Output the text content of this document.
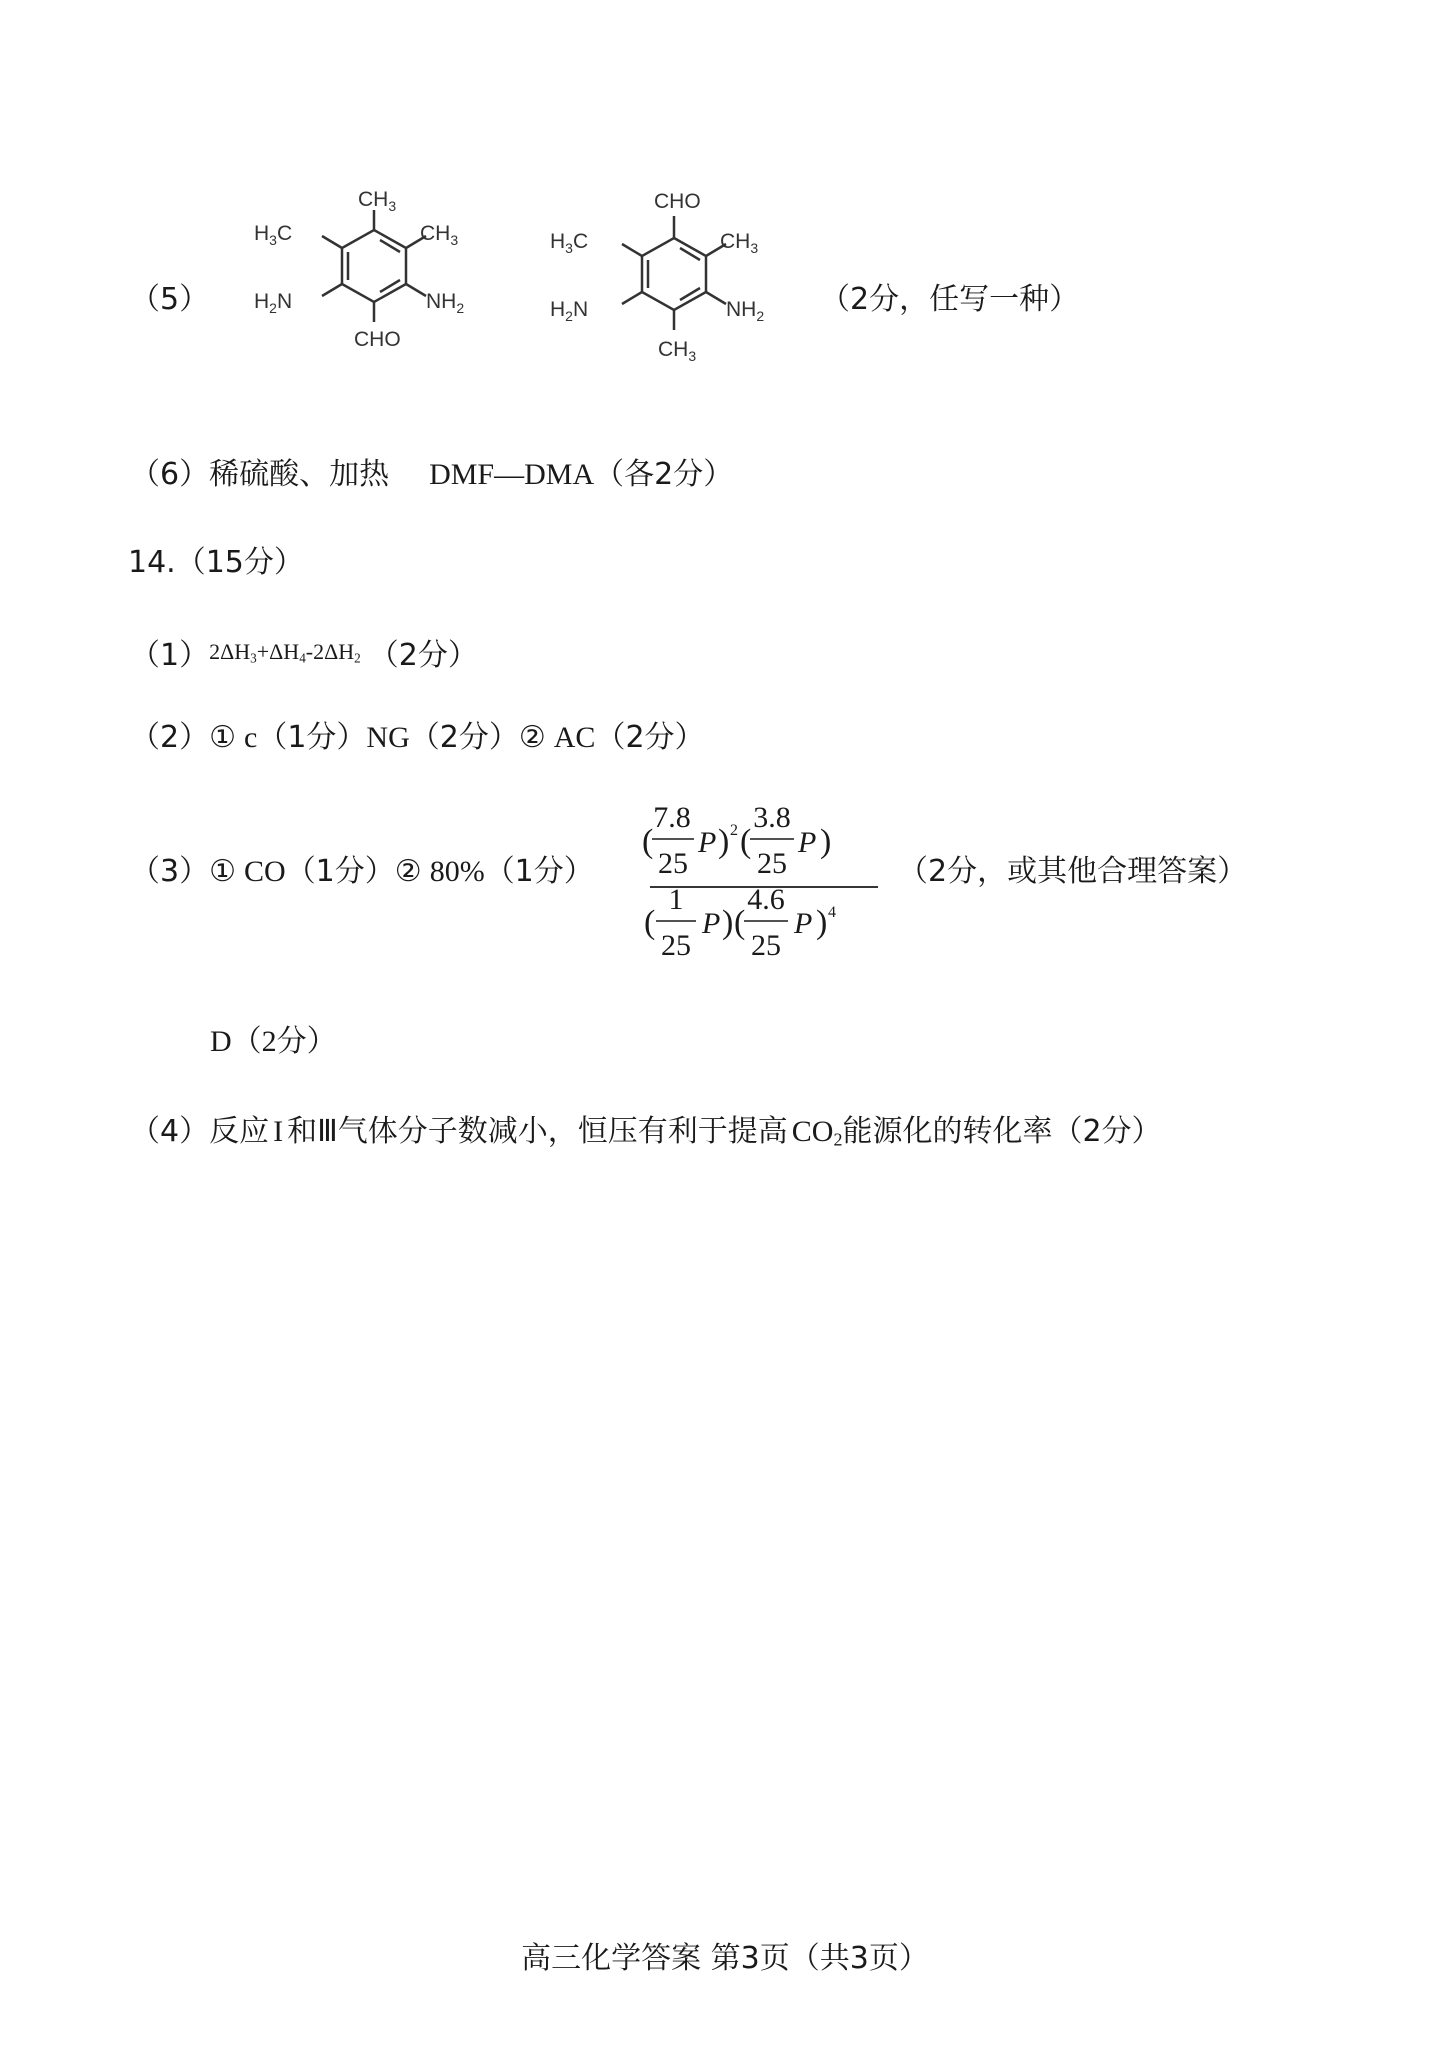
（5）
$CH_3$
$H_3C$	$CH_3$
$H_2N$	$NH_2$
CHO
CHO
$H_3C$	$CH_3$
$H_2N$	$NH_2$
$CH_3$
（2分，任写一种）
（6）稀硫酸、加热 DMF—DMA（各2分）
14.（15分）
$(1)^{2\Delta H_3+\Delta H_4-2\Delta H_2}$ （2分）
（2）① c（1分）NG（2分）② AC（2分）
（3）① CO（1分）② 80%（1分）
(
7.8
25
P ) 2 (
3.8
25
P )
(
1
25
P ) (
4.6
25
P ) 4
（2分，或其他合理答案）
D（2分）
（4）反应 I 和Ⅲ气体分子数减小，恒压有利于提高 $CO_2$能源化的转化率（2分）
高三化学答案 第3页（共3页）
